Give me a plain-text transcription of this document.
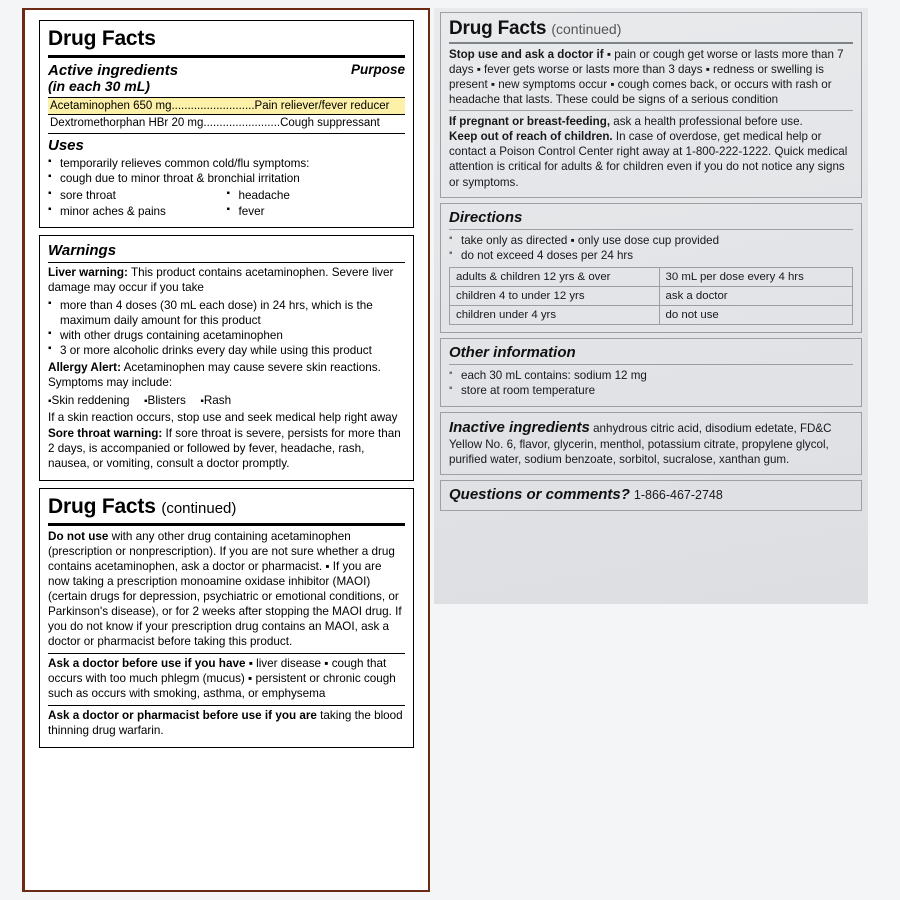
Drug Facts
Active ingredients
(in each 30 mL)
Purpose
Acetaminophen 650 mg..........................Pain reliever/fever reducer
Dextromethorphan HBr 20 mg........................Cough suppressant
Uses
▪ temporarily relieves common cold/flu symptoms:
▪ cough due to minor throat & bronchial irritation
▪ sore throat
▪ minor aches & pains
▪ headache
▪ fever
Warnings

Liver warning: This product contains acetaminophen. Severe liver damage may occur if you take

▪ more than 4 doses (30 mL each dose) in 24 hrs, which is the maximum daily amount for this product
▪ with other drugs containing acetaminophen
▪ 3 or more alcoholic drinks every day while using this product

Allergy Alert: Acetaminophen may cause severe skin reactions. Symptoms may include:

▪ Skin reddening ▪ Blisters ▪ Rash

If a skin reaction occurs, stop use and seek medical help right away

Sore throat warning: If sore throat is severe, persists for more than 2 days, is accompanied or followed by fever, headache, rash, nausea, or vomiting, consult a doctor promptly.

Drug Facts (continued)

Do not use with any other drug containing acetaminophen (prescription or nonprescription). If you are not sure whether a drug contains acetaminophen, ask a doctor or pharmacist. ▪ If you are now taking a prescription monoamine oxidase inhibitor (MAOI) (certain drugs for depression, psychiatric or emotional conditions, or Parkinson's disease), or for 2 weeks after stopping the MAOI drug. If you do not know if your prescription drug contains an MAOI, ask a doctor or pharmacist before taking this product.

Ask a doctor before use if you have ▪ liver disease ▪ cough that occurs with too much phlegm (mucus) ▪ persistent or chronic cough such as occurs with smoking, asthma, or emphysema

Ask a doctor or pharmacist before use if you are taking the blood thinning drug warfarin.

Drug Facts (continued)

Stop use and ask a doctor if ▪ pain or cough get worse or lasts more than 7 days ▪ fever gets worse or lasts more than 3 days ▪ redness or swelling is present ▪ new symptoms occur ▪ cough comes back, or occurs with rash or headache that lasts. These could be signs of a serious condition

If pregnant or breast-feeding, ask a health professional before use.

Keep out of reach of children. In case of overdose, get medical help or contact a Poison Control Center right away at 1-800-222-1222. Quick medical attention is critical for adults & for children even if you do not notice any signs or symptoms.

Directions
▪ take only as directed ▪ only use dose cup provided
▪ do not exceed 4 doses per 24 hrs
adults & children 12 yrs & over	30 mL per dose every 4 hrs
children 4 to under 12 yrs	ask a doctor
children under 4 yrs	do not use
Other information
▪ each 30 mL contains: sodium 12 mg
▪ store at room temperature

Inactive ingredients anhydrous citric acid, disodium edetate, FD&C Yellow No. 6, flavor, glycerin, menthol, potassium citrate, propylene glycol, purified water, sodium benzoate, sorbitol, sucralose, xanthan gum.

Questions or comments? 1-866-467-2748
